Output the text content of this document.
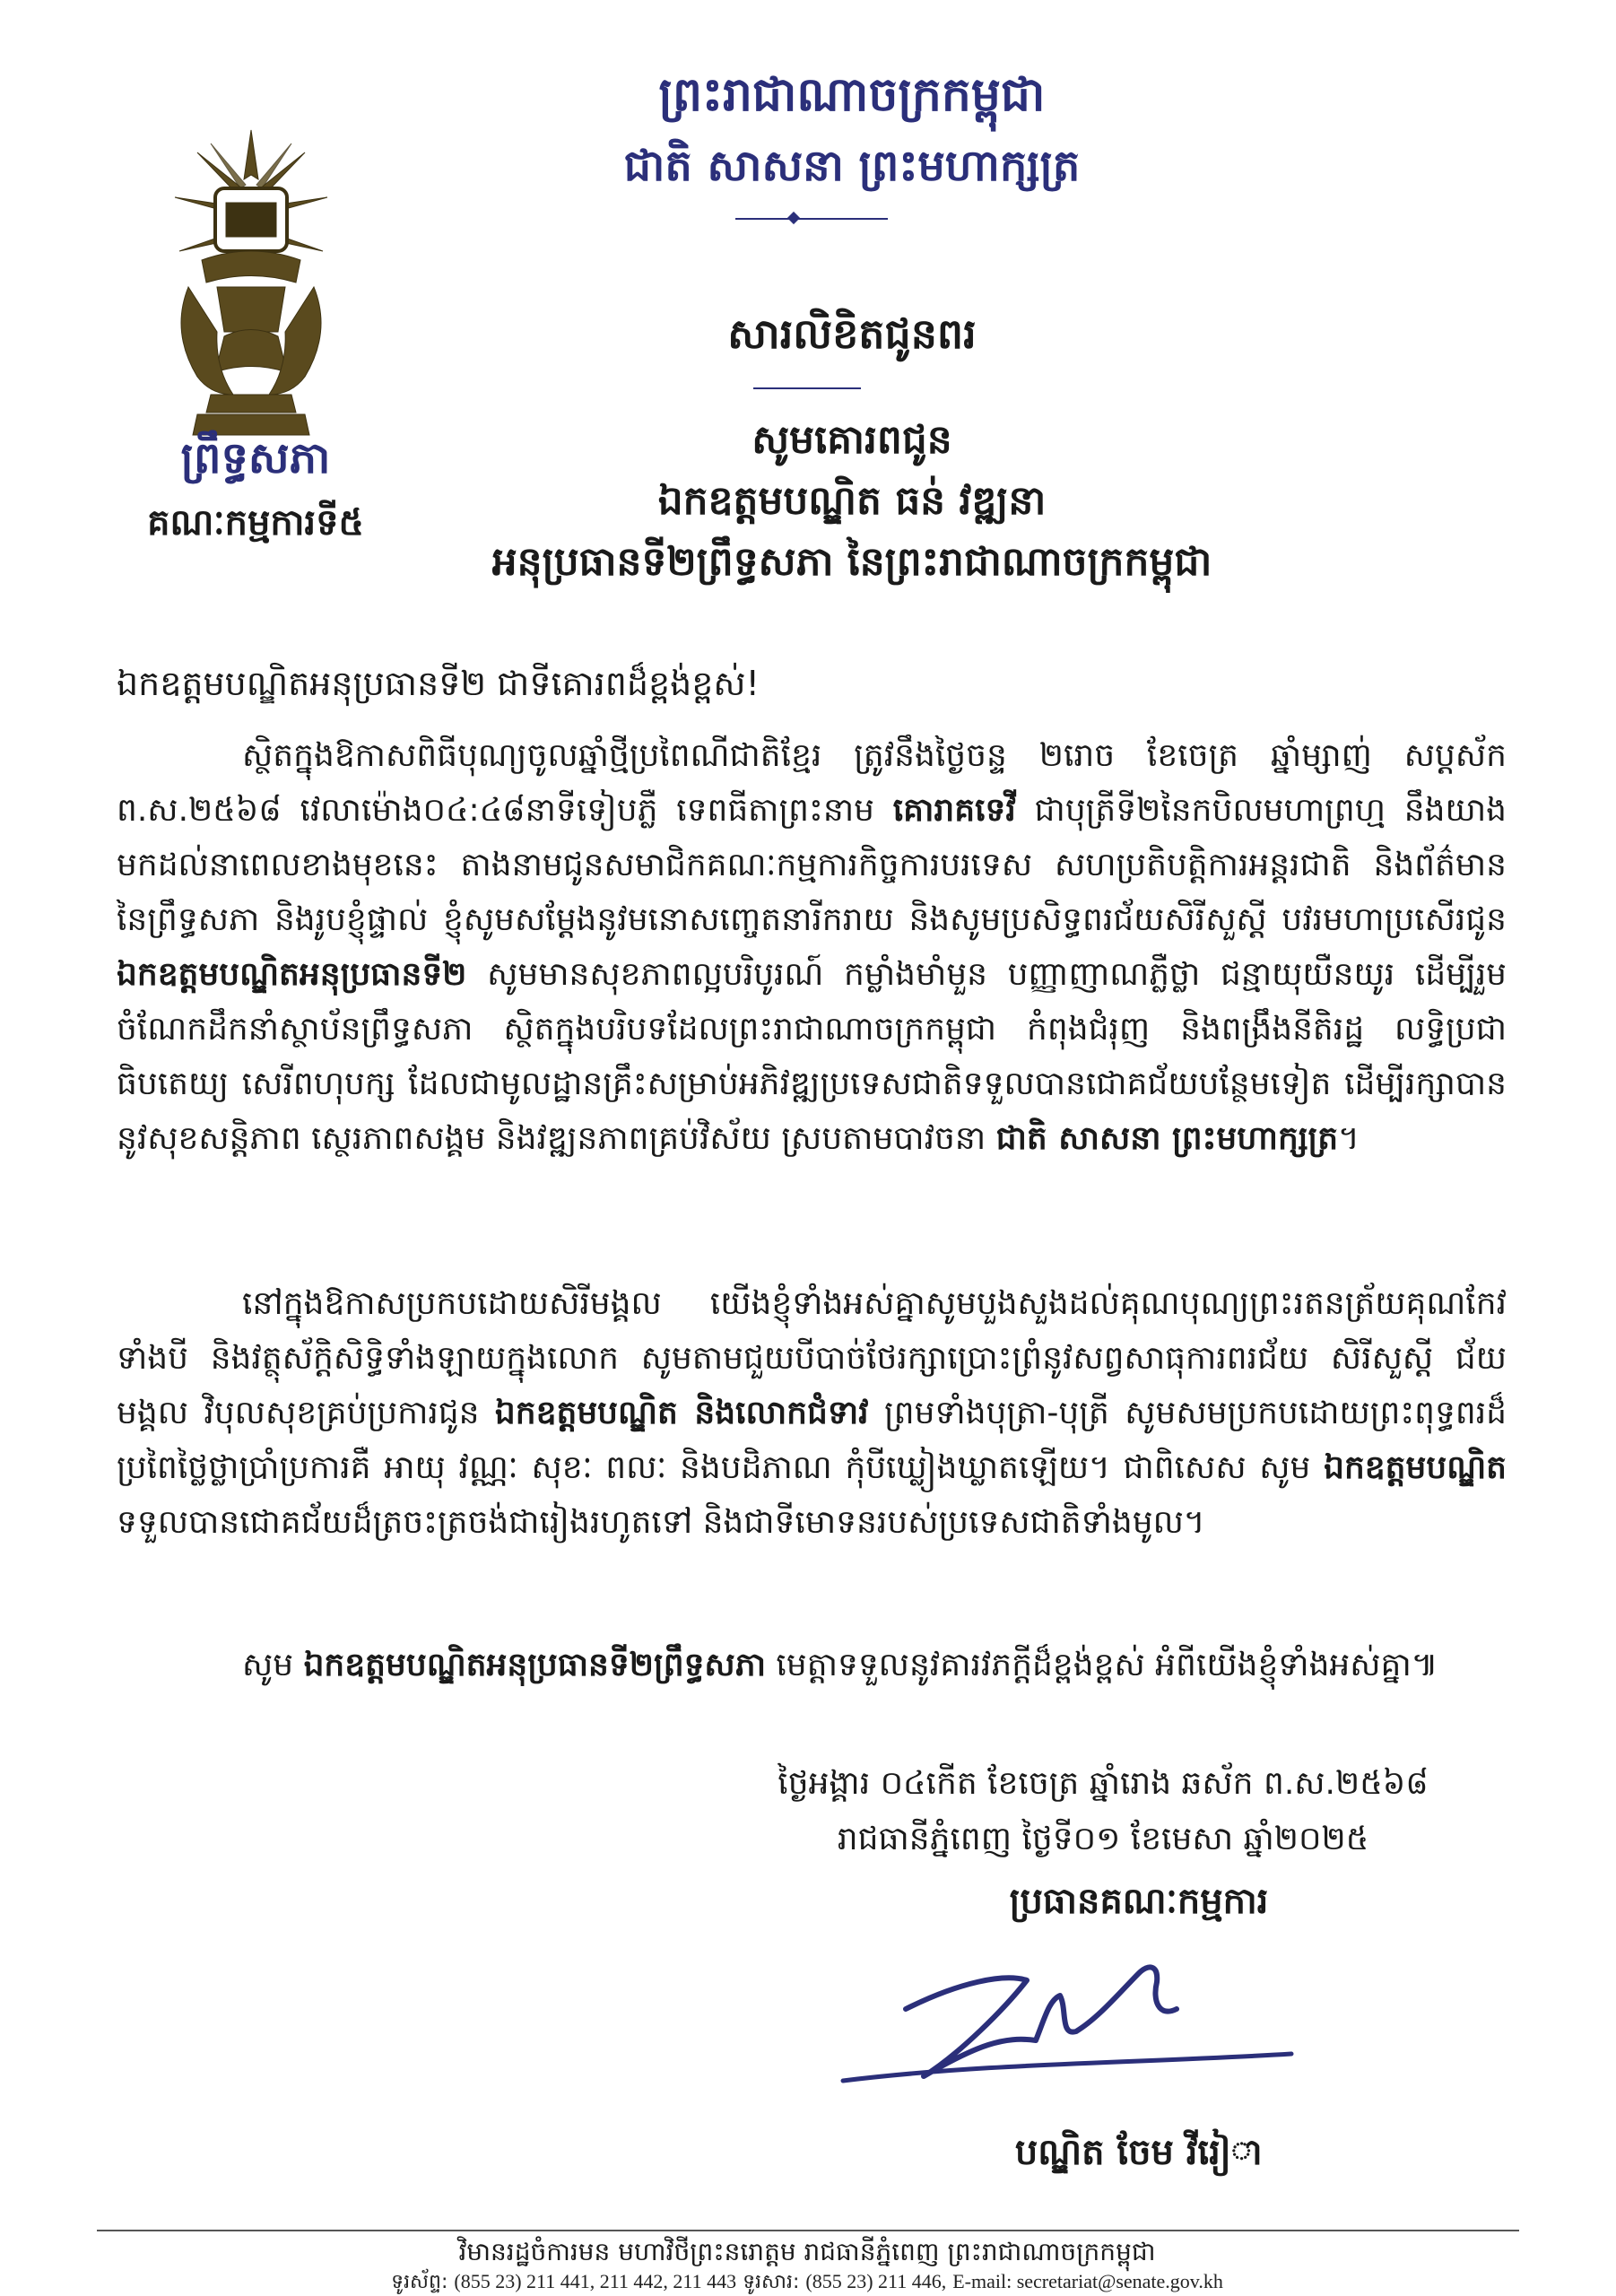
ព្រះរាជាណាចក្រកម្ពុជា
ជាតិ សាសនា ព្រះមហាក្សត្រ
ព្រឹទ្ធសភា
គណៈកម្មការទី៥
សារលិខិតជូនពរ
សូមគោរពជូន
ឯកឧត្តមបណ្ឌិត ធន់ វឌ្ឍនា
អនុប្រធានទី២ព្រឹទ្ធសភា នៃព្រះរាជាណាចក្រកម្ពុជា
ឯកឧត្តមបណ្ឌិតអនុប្រធានទី២ ជាទីគោរពដ៏ខ្ពង់ខ្ពស់!
ស្ថិតក្នុងឱកាសពិធីបុណ្យចូលឆ្នាំថ្មីប្រពៃណីជាតិខ្មែរ ត្រូវនឹងថ្ងៃចន្ទ ២រោច ខែចេត្រ ឆ្នាំម្សាញ់ សប្តស័ក ព.ស.២៥៦៨ វេលាម៉ោង០៤:៤៨នាទីទៀបភ្លឺ ទេពធីតាព្រះនាម គោរាគទេវី ជាបុត្រីទី២នៃកបិលមហាព្រហ្ម នឹងយាងមកដល់នាពេលខាងមុខនេះ តាងនាមជូនសមាជិកគណៈកម្មការកិច្ចការបរទេស សហប្រតិបត្តិការអន្តរជាតិ និងព័ត៌មាន នៃព្រឹទ្ធសភា និងរូបខ្ញុំផ្ទាល់ ខ្ញុំសូមសម្តែងនូវមនោសញ្ចេតនារីករាយ និងសូមប្រសិទ្ធពរជ័យសិរីសួស្តី បវរមហាប្រសើរជូន ឯកឧត្តមបណ្ឌិតអនុប្រធានទី២ សូមមានសុខភាពល្អបរិបូរណ៍ កម្លាំងមាំមួន បញ្ញាញាណភ្លឺថ្លា ជន្មាយុយឺនយូរ ដើម្បីរួមចំណែកដឹកនាំស្ថាប័នព្រឹទ្ធសភា ស្ថិតក្នុងបរិបទដែលព្រះរាជាណាចក្រកម្ពុជា កំពុងជំរុញ និងពង្រឹងនីតិរដ្ឋ លទ្ធិប្រជាធិបតេយ្យ សេរីពហុបក្ស ដែលជាមូលដ្ឋានគ្រឹះសម្រាប់អភិវឌ្ឍប្រទេសជាតិទទួលបានជោគជ័យបន្ថែមទៀត ដើម្បីរក្សាបាននូវសុខសន្តិភាព ស្ថេរភាពសង្គម និងវឌ្ឍនភាពគ្រប់វិស័យ ស្របតាមបាវចនា ជាតិ សាសនា ព្រះមហាក្សត្រ។
នៅក្នុងឱកាសប្រកបដោយសិរីមង្គល យើងខ្ញុំទាំងអស់គ្នាសូមបួងសួងដល់គុណបុណ្យព្រះរតនត្រ័យគុណកែវទាំងបី និងវត្ថុស័ក្តិសិទ្ធិទាំងឡាយក្នុងលោក សូមតាមជួយបីបាច់ថែរក្សាប្រោះព្រំនូវសព្វសាធុការពរជ័យ សិរីសួស្តី ជ័យមង្គល វិបុលសុខគ្រប់ប្រការជូន ឯកឧត្តមបណ្ឌិត និងលោកជំទាវ ព្រមទាំងបុត្រា-បុត្រី សូមសមប្រកបដោយព្រះពុទ្ធពរដ៏ប្រពៃថ្លៃថ្លាប្រាំប្រការគឺ អាយុ វណ្ណៈ សុខៈ ពលៈ និងបដិភាណ កុំបីឃ្លៀងឃ្លាតឡើយ។ ជាពិសេស សូម ឯកឧត្តមបណ្ឌិត ទទួលបានជោគជ័យដ៏ត្រចះត្រចង់ជារៀងរហូតទៅ និងជាទីមោទនរបស់ប្រទេសជាតិទាំងមូល។
សូម ឯកឧត្តមបណ្ឌិតអនុប្រធានទី២ព្រឹទ្ធសភា មេត្តាទទួលនូវគារវភក្តីដ៏ខ្ពង់ខ្ពស់ អំពីយើងខ្ញុំទាំងអស់គ្នា៕
ថ្ងៃអង្គារ ០៤កើត ខែចេត្រ ឆ្នាំរោង ឆស័ក ព.ស.២៥៦៨
រាជធានីភ្នំពេញ ថ្ងៃទី០១ ខែមេសា ឆ្នាំ២០២៥
ប្រធានគណៈកម្មការ
បណ្ឌិត ចែម វីរៀា
វិមានរដ្ឋចំការមន មហាវិថីព្រះនរោត្តម រាជធានីភ្នំពេញ ព្រះរាជាណាចក្រកម្ពុជា
ទូរស័ព្ទ: (855 23) 211 441, 211 442, 211 443 ទូរសារ: (855 23) 211 446, E-mail: secretariat@senate.gov.kh
